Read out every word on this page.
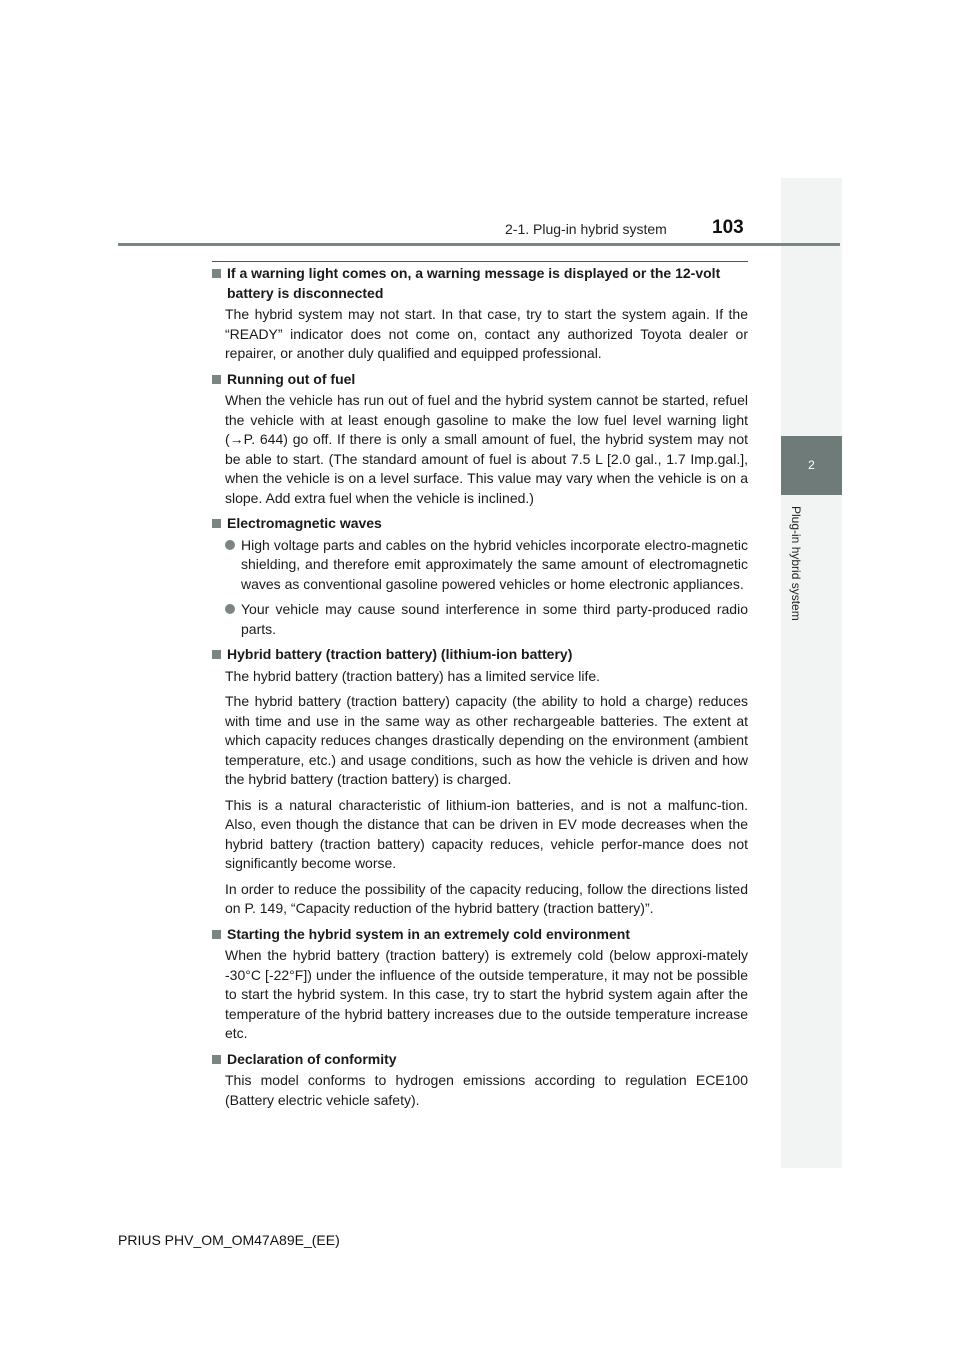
2
Plug-in hybrid system
2-1. Plug-in hybrid system 103
If a warning light comes on, a warning message is displayed or the 12-volt battery is disconnected
The hybrid system may not start. In that case, try to start the system again. If the “READY” indicator does not come on, contact any authorized Toyota dealer or repairer, or another duly qualified and equipped professional.
Running out of fuel
When the vehicle has run out of fuel and the hybrid system cannot be started, refuel the vehicle with at least enough gasoline to make the low fuel level warning light (→P. 644) go off. If there is only a small amount of fuel, the hybrid system may not be able to start. (The standard amount of fuel is about 7.5 L [2.0 gal., 1.7 Imp.gal.], when the vehicle is on a level surface. This value may vary when the vehicle is on a slope. Add extra fuel when the vehicle is inclined.)
Electromagnetic waves
High voltage parts and cables on the hybrid vehicles incorporate electro-magnetic shielding, and therefore emit approximately the same amount of electromagnetic waves as conventional gasoline powered vehicles or home electronic appliances.
Your vehicle may cause sound interference in some third party-produced radio parts.
Hybrid battery (traction battery) (lithium-ion battery)
The hybrid battery (traction battery) has a limited service life.
The hybrid battery (traction battery) capacity (the ability to hold a charge) reduces with time and use in the same way as other rechargeable batteries. The extent at which capacity reduces changes drastically depending on the environment (ambient temperature, etc.) and usage conditions, such as how the vehicle is driven and how the hybrid battery (traction battery) is charged.
This is a natural characteristic of lithium-ion batteries, and is not a malfunc-tion. Also, even though the distance that can be driven in EV mode decreases when the hybrid battery (traction battery) capacity reduces, vehicle perfor-mance does not significantly become worse.
In order to reduce the possibility of the capacity reducing, follow the directions listed on P. 149, “Capacity reduction of the hybrid battery (traction battery)”.
Starting the hybrid system in an extremely cold environment
When the hybrid battery (traction battery) is extremely cold (below approxi-mately -30°C [-22°F]) under the influence of the outside temperature, it may not be possible to start the hybrid system. In this case, try to start the hybrid system again after the temperature of the hybrid battery increases due to the outside temperature increase etc.
Declaration of conformity
This model conforms to hydrogen emissions according to regulation ECE100 (Battery electric vehicle safety).
PRIUS PHV_OM_OM47A89E_(EE)
